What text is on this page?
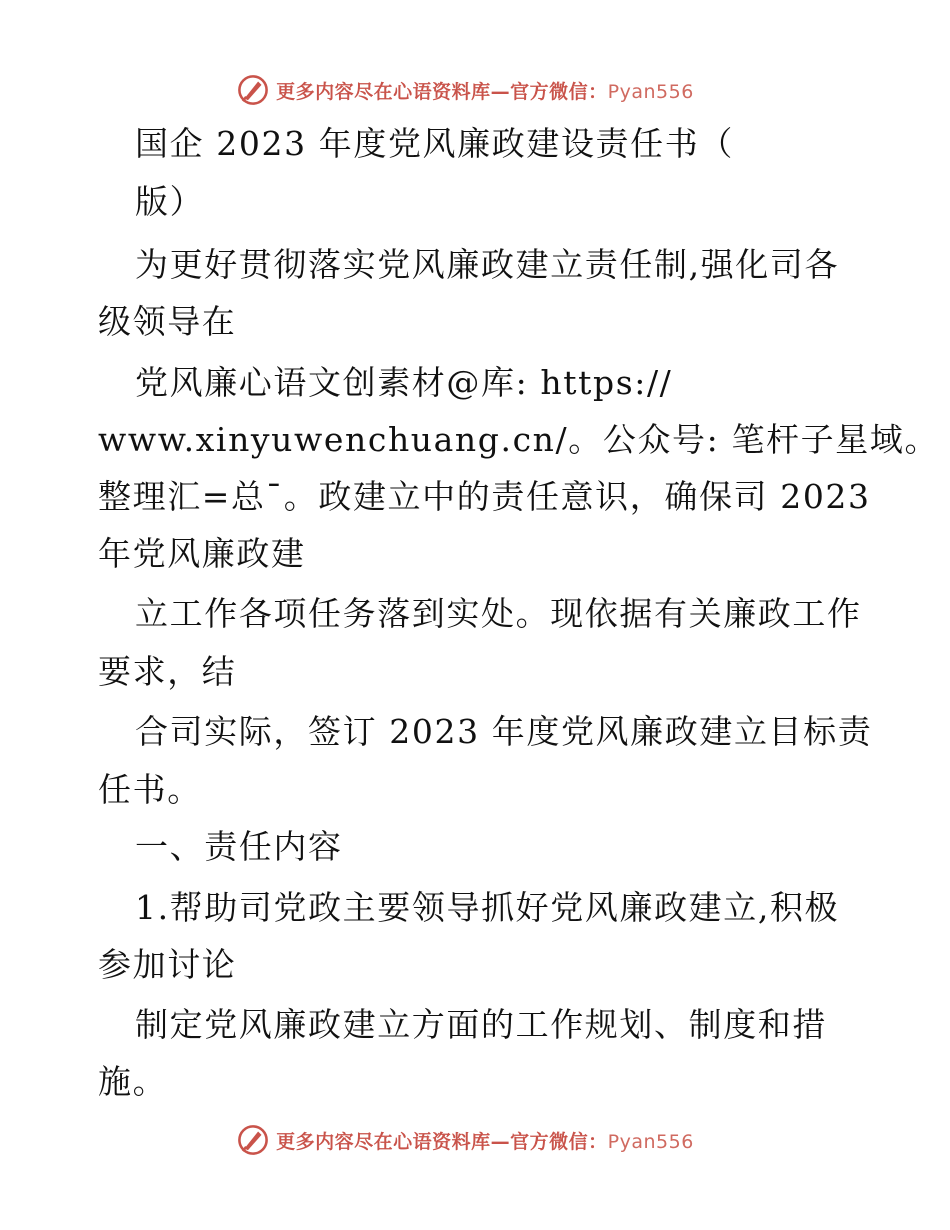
更多内容尽在心语资料库—官方微信：Pyan556
国企 2023 年度党风廉政建设责任书（
版）
为更好贯彻落实党风廉政建立责任制,强化司各
级领导在
党风廉心语文创素材@库: https://
www.xinyuwenchuang.cn/。公众号: 笔杆子星域。
整理汇=总¯。政建立中的责任意识，确保司 2023
年党风廉政建
立工作各项任务落到实处。现依据有关廉政工作
要求，结
合司实际，签订 2023 年度党风廉政建立目标责
任书。
一、责任内容
1.帮助司党政主要领导抓好党风廉政建立,积极
参加讨论
制定党风廉政建立方面的工作规划、制度和措
施。
更多内容尽在心语资料库—官方微信：Pyan556
